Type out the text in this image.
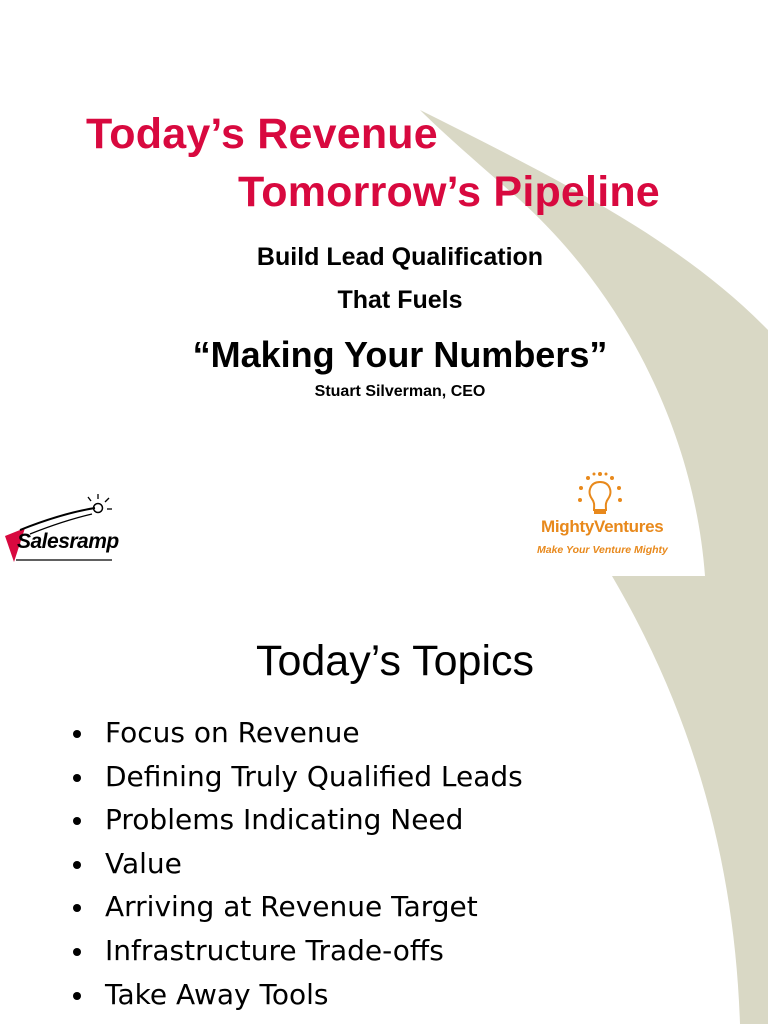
Today’s Revenue
Tomorrow’s Pipeline

Build Lead Qualification

That Fuels

“Making Your Numbers”

Stuart Silverman, CEO

Salesramp
MightyVentures
Make Your Venture Mighty
Today’s Topics
Focus on Revenue
Defining Truly Qualified Leads
Problems Indicating Need
Value
Arriving at Revenue Target
Infrastructure Trade-offs
Take Away Tools
